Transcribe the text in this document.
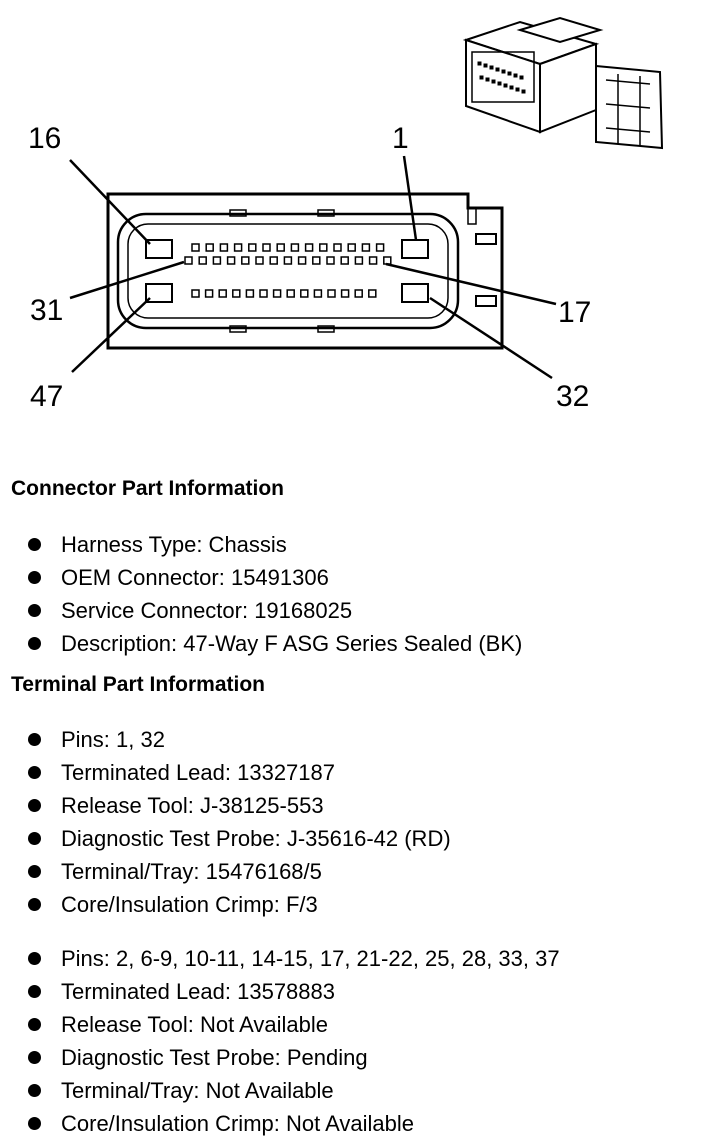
16	1
31	17
47	32
Connector Part Information
Harness Type: Chassis
OEM Connector: 15491306
Service Connector: 19168025
Description: 47-Way F ASG Series Sealed (BK)
Terminal Part Information
Pins: 1, 32
Terminated Lead: 13327187
Release Tool: J-38125-553
Diagnostic Test Probe: J-35616-42 (RD)
Terminal/Tray: 15476168/5
Core/Insulation Crimp: F/3
Pins: 2, 6-9, 10-11, 14-15, 17, 21-22, 25, 28, 33, 37
Terminated Lead: 13578883
Release Tool: Not Available
Diagnostic Test Probe: Pending
Terminal/Tray: Not Available
Core/Insulation Crimp: Not Available
